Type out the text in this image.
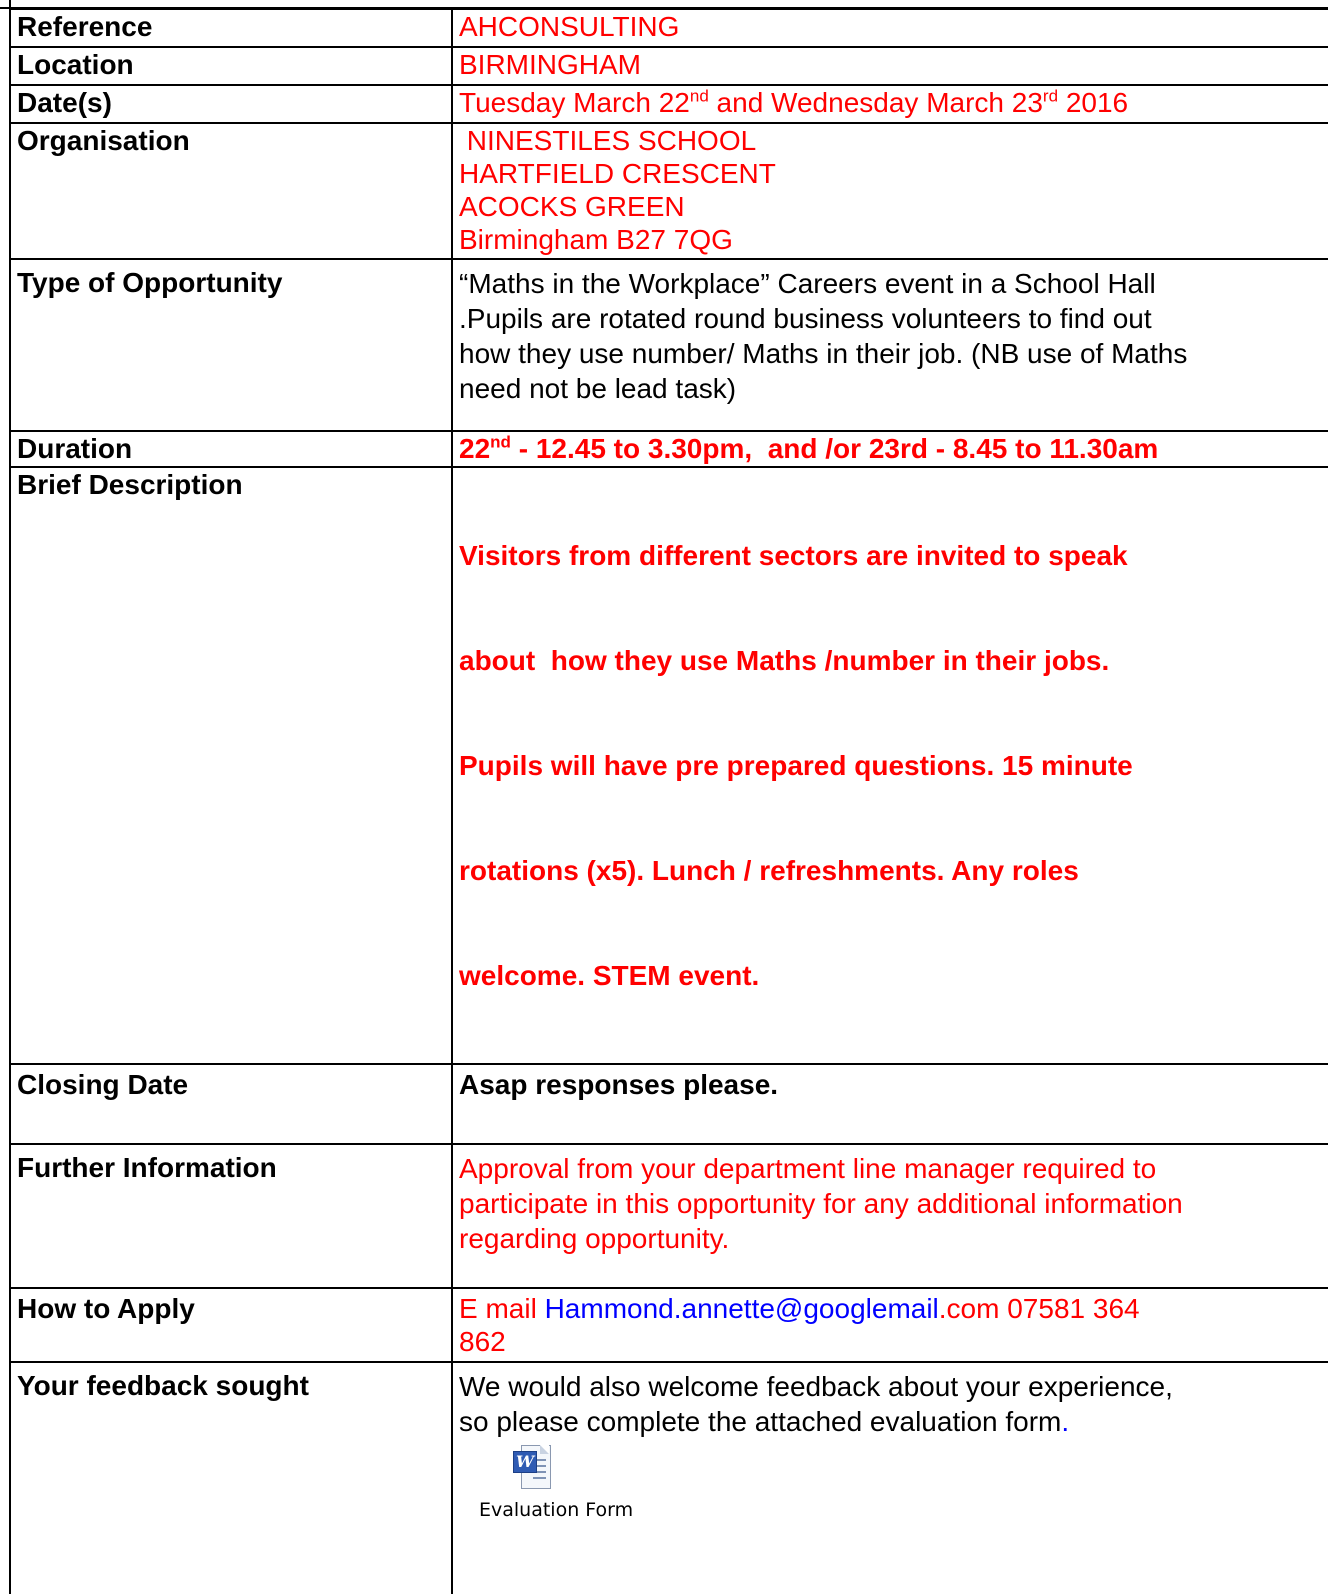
Reference	AHCONSULTING
Location	BIRMINGHAM
Date(s)	Tuesday March 22nd and Wednesday March 23rd 2016
Organisation	NINESTILES SCHOOL
HARTFIELD CRESCENT
ACOCKS GREEN
Birmingham B27 7QG

Type of Opportunity	“Maths in the Workplace” Careers event in a School Hall
.Pupils are rotated round business volunteers to find out
how they use number/ Maths in their job. (NB use of Maths
need not be lead task)

Duration	22nd - 12.45 to 3.30pm,  and /or 23rd - 8.45 to 11.30am
Brief Description	Visitors from different sectors are invited to speak

about  how they use Maths /number in their jobs.

Pupils will have pre prepared questions. 15 minute

rotations (x5). Lunch / refreshments. Any roles

welcome. STEM event.

Closing Date	Asap responses please.
Further Information	Approval from your department line manager required to
participate in this opportunity for any additional information
regarding opportunity.

How to Apply	E mail Hammond.annette@googlemail.com 07581 364
862

Your feedback sought	We would also welcome feedback about your experience,
so please complete the attached evaluation form.
W
Evaluation Form
